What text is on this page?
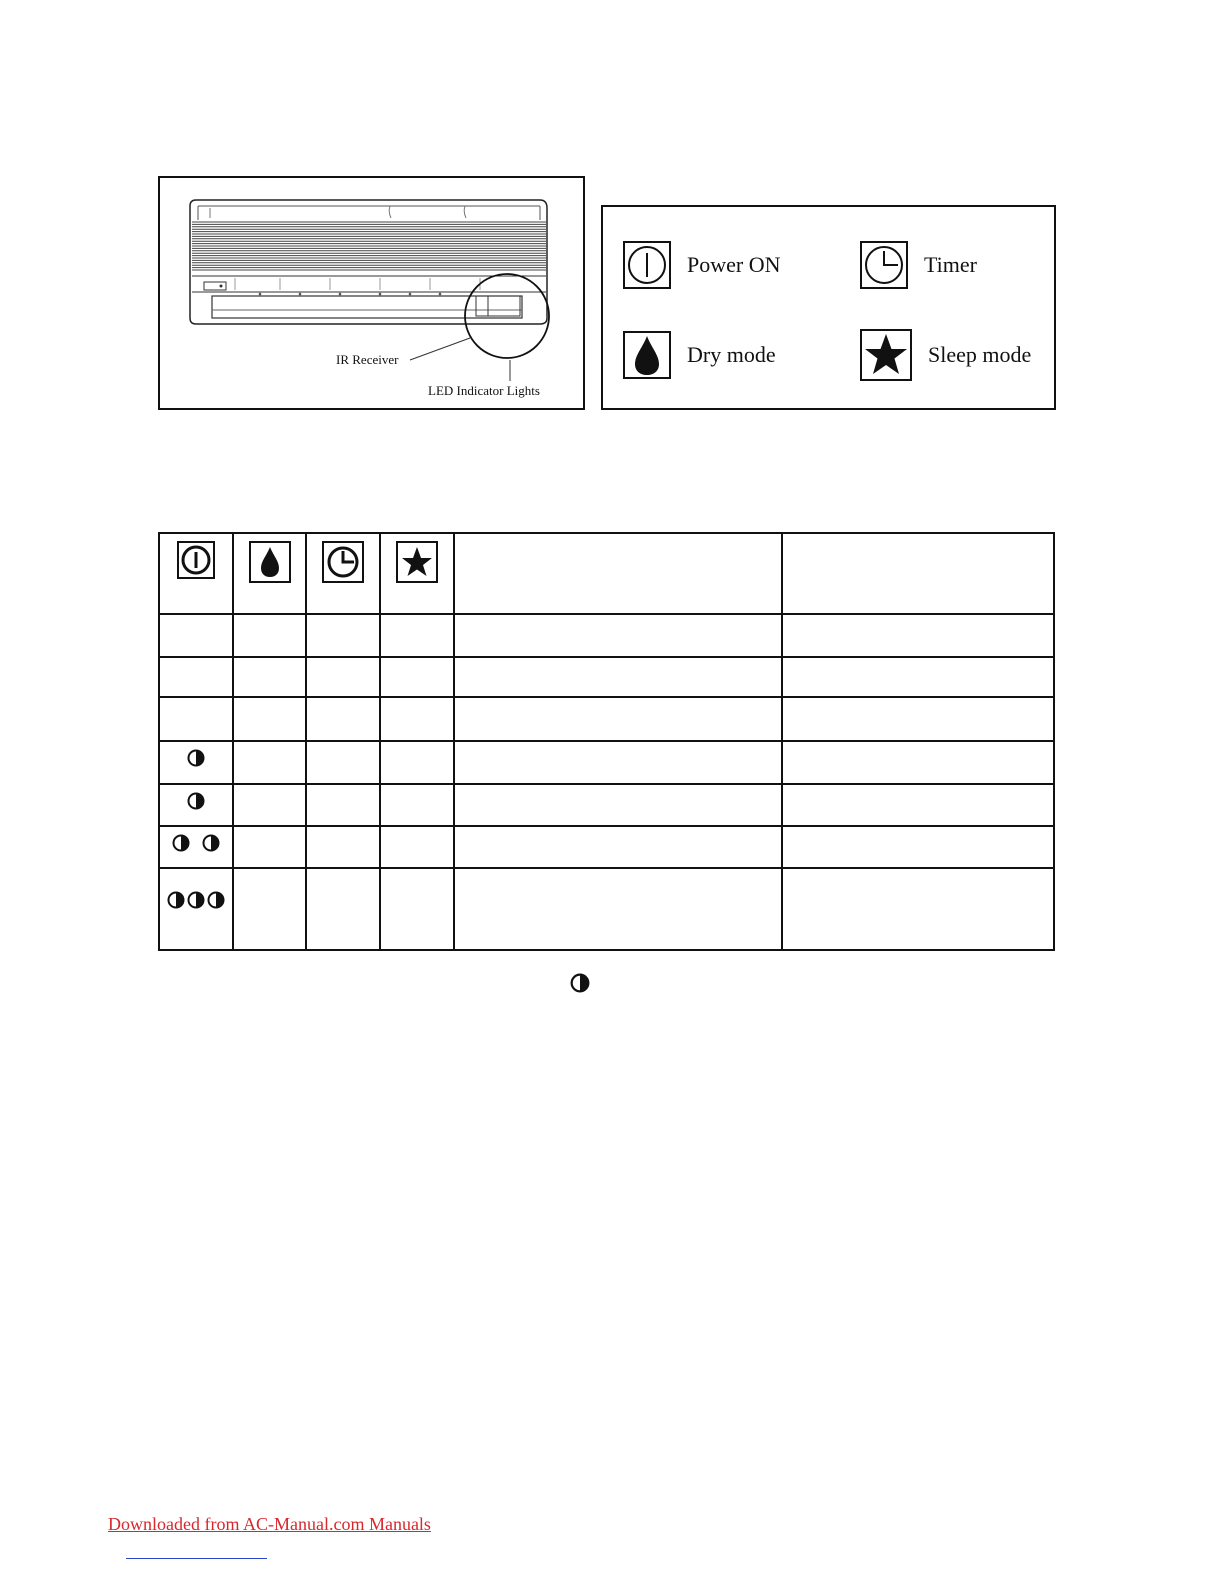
IR Receiver
LED Indicator Lights
Power ON	Timer
Dry mode	Sleep mode

Downloaded from AC-Manual.com Manuals
